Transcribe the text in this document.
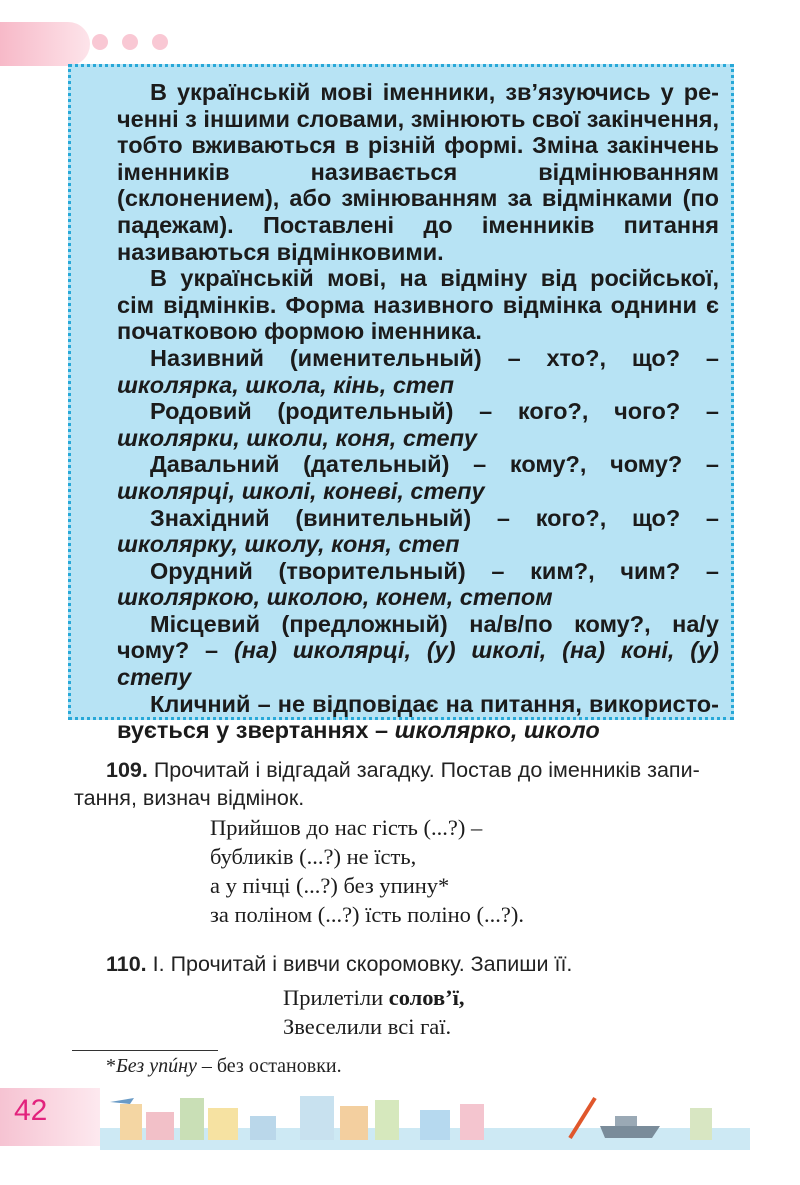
В українській мові іменники, зв’язуючись у реченні з іншими словами, змінюють свої закінчення, тобто вживаються в різній формі. Зміна закінчень іменників називається відмінюванням (склонением), або змінюванням за відмінками (по падежам). Поставлені до іменників питання називаються відмінковими.

В українській мові, на відміну від російської, сім відмінків. Форма називного відмінка однини є початковою формою іменника.

Називний (именительный) – хто?, що? – школярка, школа, кінь, степ

Родовий (родительный) – кого?, чого? – школярки, школи, коня, степу

Давальний (дательный) – кому?, чому? – школярці, школі, коневі, степу

Знахідний (винительный) – кого?, що? – школярку, школу, коня, степ

Орудний (творительный) – ким?, чим? – школяркою, школою, конем, степом

Місцевий (предложный) на/в/по кому?, на/у чому? – (на) школярці, (у) школі, (на) коні, (у) степу

Кличний – не відповідає на питання, використовується у звертаннях – школярко, школо

109. Прочитай і відгадай загадку. Постав до іменників запитання, визнач відмінок.
Прийшов до нас гість (...?) –
бубликів (...?) не їсть,
а у пічці (...?) без упину*
за поліном (...?) їсть поліно (...?).
110. І. Прочитай і вивчи скоромовку. Запиши її.
Прилетіли солов’ї,
Звеселили всі гаї.
*Без упúну – без остановки.
42
